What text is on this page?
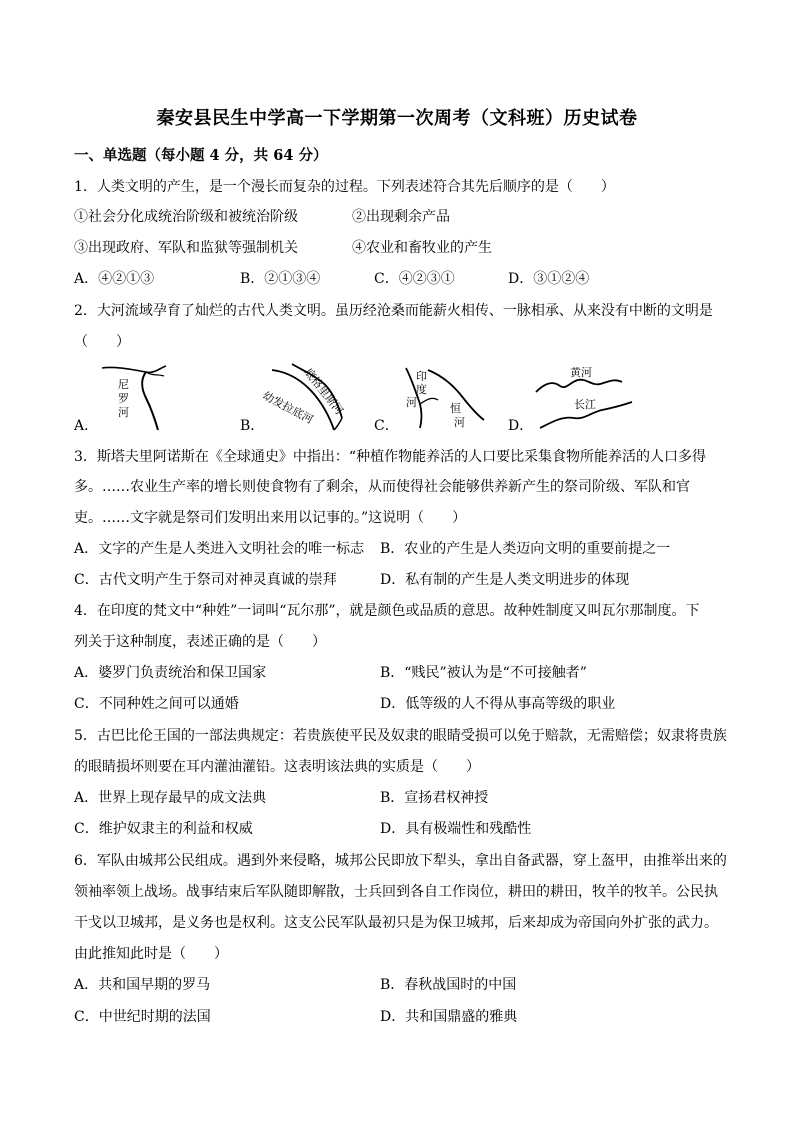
秦安县民生中学高一下学期第一次周考（文科班）历史试卷
一、单选题（每小题 4 分，共 64 分）
1．人类文明的产生，是一个漫长而复杂的过程。下列表述符合其先后顺序的是（　　）
①社会分化成统治阶级和被统治阶级	②出现剩余产品
③出现政府、军队和监狱等强制机关	④农业和畜牧业的产生
A．④②①③	B．②①③④	C．④②③①	D．③①②④
2．大河流域孕育了灿烂的古代人类文明。虽历经沧桑而能薪火相传、一脉相承、从来没有中断的文明是
（　　）
A．
尼
罗
河
B．
幼发拉底河
底格里斯河
C．
印
度
河	恒
河	D．
黄河
长江
3．斯塔夫里阿诺斯在《全球通史》中指出：“种植作物能养活的人口要比采集食物所能养活的人口多得
多。……农业生产率的增长则使食物有了剩余，从而使得社会能够供养新产生的祭司阶级、军队和官
吏。……文字就是祭司们发明出来用以记事的。”这说明（　　）
A．文字的产生是人类进入文明社会的唯一标志 B．农业的产生是人类迈向文明的重要前提之一
C．古代文明产生于祭司对神灵真诚的崇拜	D．私有制的产生是人类文明进步的体现
4．在印度的梵文中“种姓”一词叫“瓦尔那”，就是颜色或品质的意思。故种姓制度又叫瓦尔那制度。下
列关于这种制度，表述正确的是（　　）
A．婆罗门负责统治和保卫国家	B．“贱民”被认为是“不可接触者”
C．不同种姓之间可以通婚	D．低等级的人不得从事高等级的职业
5．古巴比伦王国的一部法典规定：若贵族使平民及奴隶的眼睛受损可以免于赔款，无需赔偿；奴隶将贵族
的眼睛损坏则要在耳内灌油灌铅。这表明该法典的实质是（　　）
A．世界上现存最早的成文法典	B．宣扬君权神授
C．维护奴隶主的利益和权威	D．具有极端性和残酷性
6．军队由城邦公民组成。遇到外来侵略，城邦公民即放下犁头，拿出自备武器，穿上盔甲，由推举出来的
领袖率领上战场。战事结束后军队随即解散，士兵回到各自工作岗位，耕田的耕田，牧羊的牧羊。公民执
干戈以卫城邦，是义务也是权利。这支公民军队最初只是为保卫城邦，后来却成为帝国向外扩张的武力。
由此推知此时是（　　）
A．共和国早期的罗马	B．春秋战国时的中国
C．中世纪时期的法国	D．共和国鼎盛的雅典
